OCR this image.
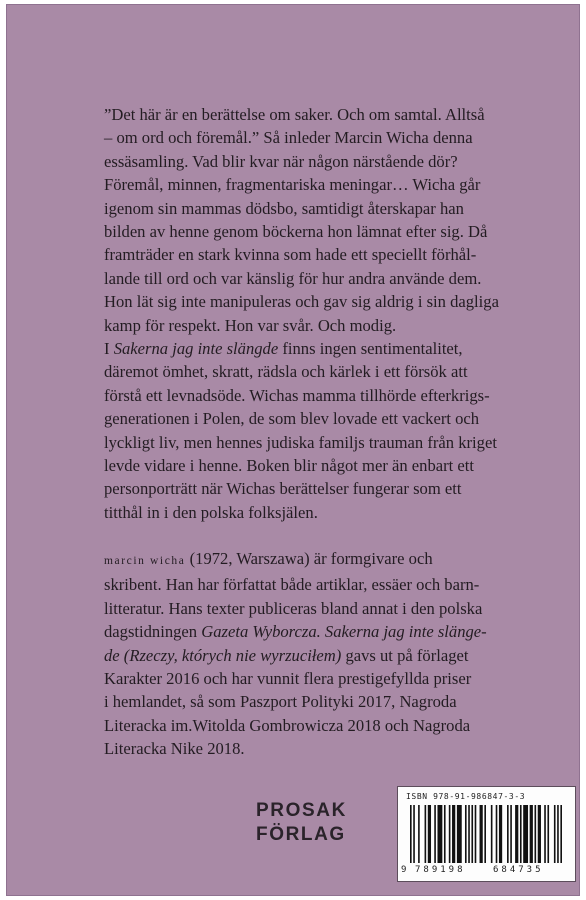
”Det här är en berättelse om saker. Och om samtal. Alltså

– om ord och föremål.” Så inleder Marcin Wicha denna

essäsamling. Vad blir kvar när någon närstående dör?

Föremål, minnen, fragmentariska meningar… Wicha går

igenom sin mammas dödsbo, samtidigt återskapar han

bilden av henne genom böckerna hon lämnat efter sig. Då

framträder en stark kvinna som hade ett speciellt förhål-

lande till ord och var känslig för hur andra använde dem.

Hon lät sig inte manipuleras och gav sig aldrig i sin dagliga

kamp för respekt. Hon var svår. Och modig.

I Sakerna jag inte slängde finns ingen sentimentalitet,

däremot ömhet, skratt, rädsla och kärlek i ett försök att

förstå ett levnadsöde. Wichas mamma tillhörde efterkrigs-

generationen i Polen, de som blev lovade ett vackert och

lyckligt liv, men hennes judiska familjs trauman från kriget

levde vidare i henne. Boken blir något mer än enbart ett

personporträtt när Wichas berättelser fungerar som ett

titthål in i den polska folksjälen.

marcin wicha (1972, Warszawa) är formgivare och

skribent. Han har författat både artiklar, essäer och barn-

litteratur. Hans texter publiceras bland annat i den polska

dagstidningen Gazeta Wyborcza. Sakerna jag inte slänge-

de (Rzeczy, których nie wyrzuciłem) gavs ut på förlaget

Karakter 2016 och har vunnit flera prestigefyllda priser

i hemlandet, så som Paszport Polityki 2017, Nagroda

Literacka im.Witolda Gombrowicza 2018 och Nagroda

Literacka Nike 2018.

PROSAK
FÖRLAG
ISBN 978-91-986847-3-3
9 789198	684735
